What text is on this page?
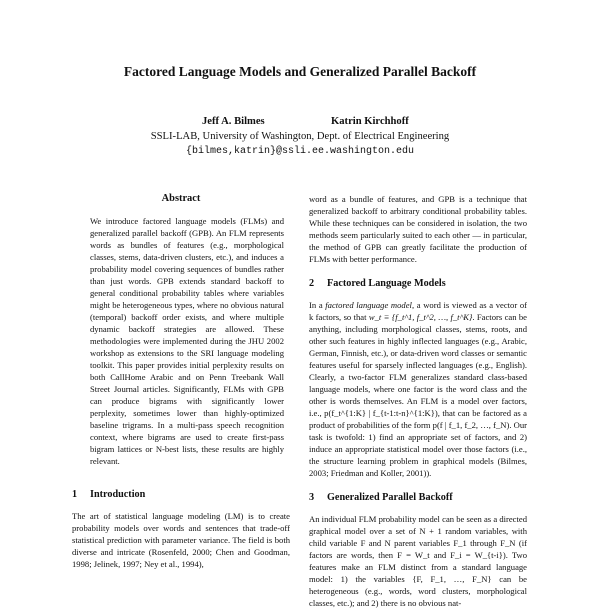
Factored Language Models and Generalized Parallel Backoff
Jeff A. Bilmes	Katrin Kirchhoff
SSLI-LAB, University of Washington, Dept. of Electrical Engineering
{bilmes,katrin}@ssli.ee.washington.edu
Abstract
We introduce factored language models (FLMs) and generalized parallel backoff (GPB). An FLM represents words as bundles of features (e.g., morphological classes, stems, data-driven clusters, etc.), and induces a probability model covering sequences of bundles rather than just words. GPB extends standard backoff to general conditional probability tables where variables might be heterogeneous types, where no obvious natural (temporal) backoff order exists, and where multiple dynamic backoff strategies are allowed. These methodologies were implemented during the JHU 2002 workshop as extensions to the SRI language modeling toolkit. This paper provides initial perplexity results on both CallHome Arabic and on Penn Treebank Wall Street Journal articles. Significantly, FLMs with GPB can produce bigrams with significantly lower perplexity, sometimes lower than highly-optimized baseline trigrams. In a multi-pass speech recognition context, where bigrams are used to create first-pass bigram lattices or N-best lists, these results are highly relevant.
1 Introduction
The art of statistical language modeling (LM) is to create probability models over words and sentences that trade-off statistical prediction with parameter variance. The field is both diverse and intricate (Rosenfeld, 2000; Chen and Goodman, 1998; Jelinek, 1997; Ney et al., 1994),
word as a bundle of features, and GPB is a technique that generalized backoff to arbitrary conditional probability tables. While these techniques can be considered in isolation, the two methods seem particularly suited to each other — in particular, the method of GPB can greatly facilitate the production of FLMs with better performance.
2 Factored Language Models
In a factored language model, a word is viewed as a vector of k factors, so that w_t ≡ {f_t^1, f_t^2, …, f_t^K}. Factors can be anything, including morphological classes, stems, roots, and other such features in highly inflected languages (e.g., Arabic, German, Finnish, etc.), or data-driven word classes or semantic features useful for sparsely inflected languages (e.g., English). Clearly, a two-factor FLM generalizes standard class-based language models, where one factor is the word class and the other is words themselves. An FLM is a model over factors, i.e., p(f_t^{1:K} | f_{t-1:t-n}^{1:K}), that can be factored as a product of probabilities of the form p(f | f_1, f_2, …, f_N). Our task is twofold: 1) find an appropriate set of factors, and 2) induce an appropriate statistical model over those factors (i.e., the structure learning problem in graphical models (Bilmes, 2003; Friedman and Koller, 2001)).
3 Generalized Parallel Backoff
An individual FLM probability model can be seen as a directed graphical model over a set of N + 1 random variables, with child variable F and N parent variables F_1 through F_N (if factors are words, then F = W_t and F_i = W_{t-i}). Two features make an FLM distinct from a standard language model: 1) the variables {F, F_1, …, F_N} can be heterogeneous (e.g., words, word clusters, morphological classes, etc.); and 2) there is no obvious nat-
